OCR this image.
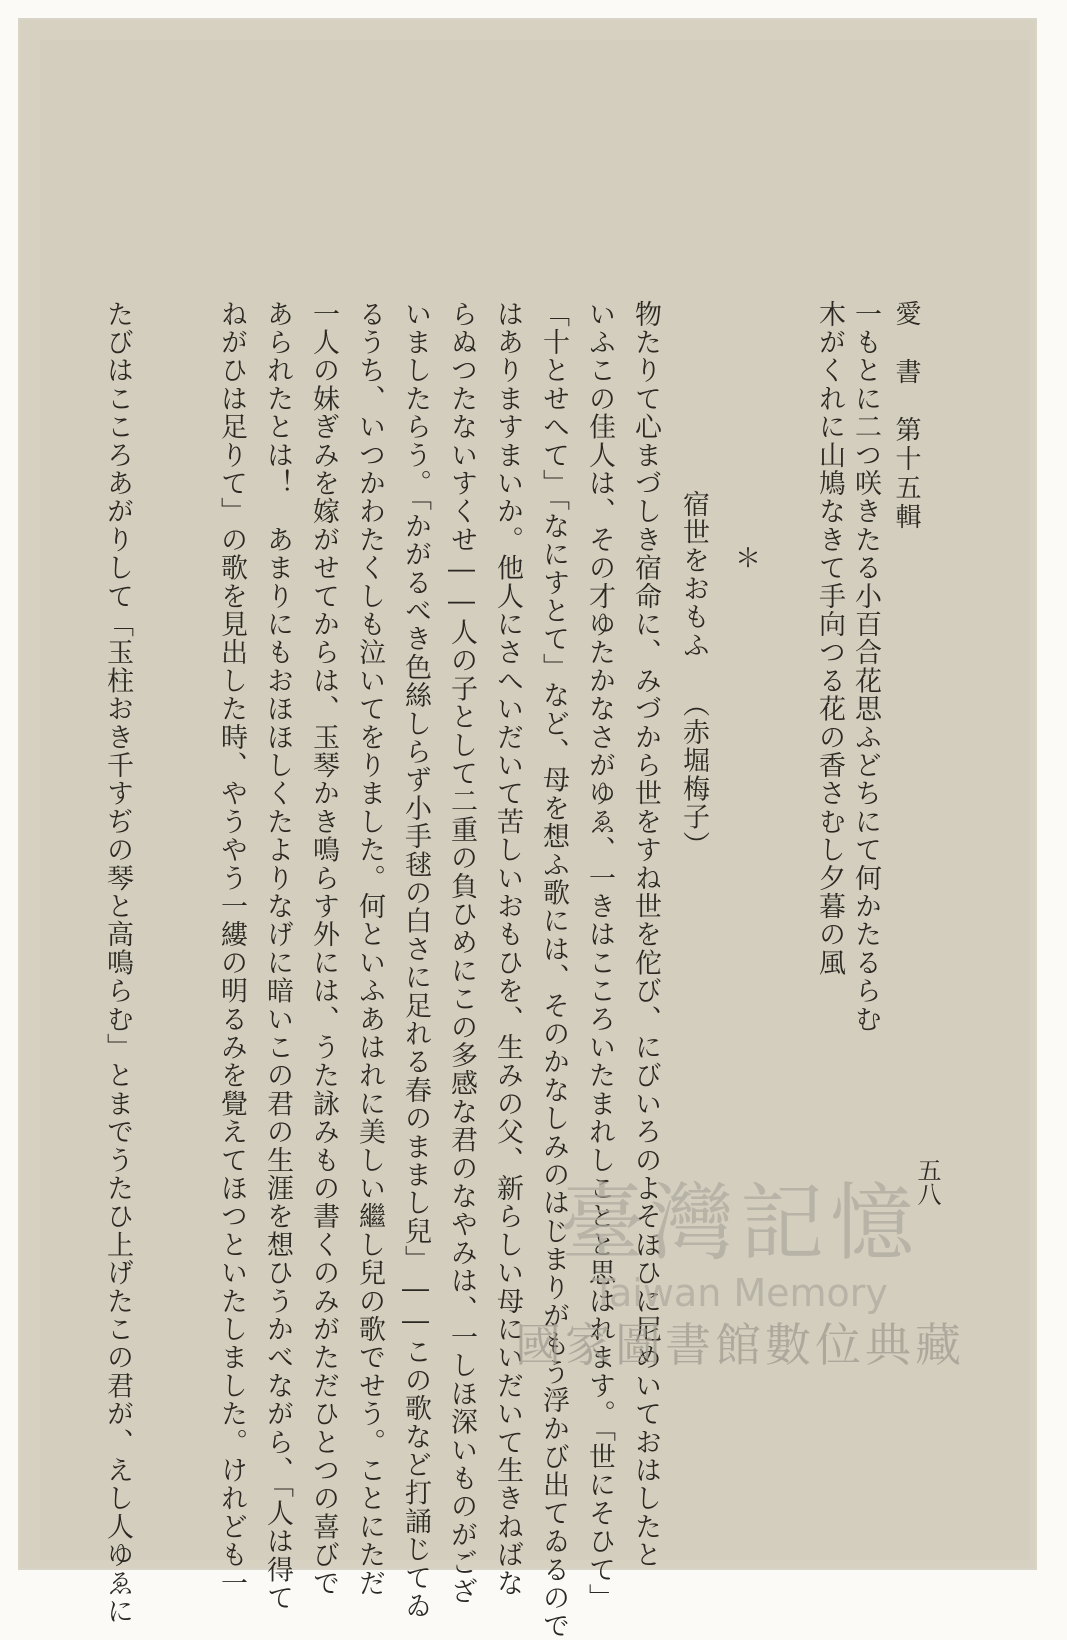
愛　書　第十五輯
五八
一もとに二つ咲きたる小百合花思ふどちにて何かたるらむ
木がくれに山鳩なきて手向つる花の香さむし夕暮の風
＊
宿世をおもふ
（赤堀梅子）
物たりて心まづしき宿命に、みづから世をすね世を佗び、にびいろのよそほひに尼めいておはしたと
いふこの佳人は、その才ゆたかなさがゆゑ、一きはこころいたまれしことと思はれます。「世にそひて」
「十とせへて」「なにすとて」など、母を想ふ歌には、そのかなしみのはじまりがもう浮かび出てゐるので
はありますまいか。他人にさへいだいて苦しいおもひを、生みの父、新らしい母にいだいて生きねばな
らぬつたないすくせ――人の子として二重の負ひめにこの多感な君のなやみは、一しほ深いものがござ
いましたらう。「かがるべき色絲しらず小手毬の白さに足れる春のままし兒」――この歌など打誦じてゐ
るうち、いつかわたくしも泣いてをりました。何といふあはれに美しい繼し兒の歌でせう。ことにただ
一人の妹ぎみを嫁がせてからは、玉琴かき鳴らす外には、うた詠みもの書くのみがただひとつの喜びで
あられたとは！　あまりにもおほほしくたよりなげに暗いこの君の生涯を想ひうかべながら、「人は得て
ねがひは足りて」の歌を見出した時、やうやう一縷の明るみを覺えてほつといたしました。けれども一
たびはこころあがりして「玉柱おき千すぢの琴と高鳴らむ」とまでうたひ上げたこの君が、えし人ゆゑに	臺灣記憶
Taiwan Memory
國家圖書館數位典藏
